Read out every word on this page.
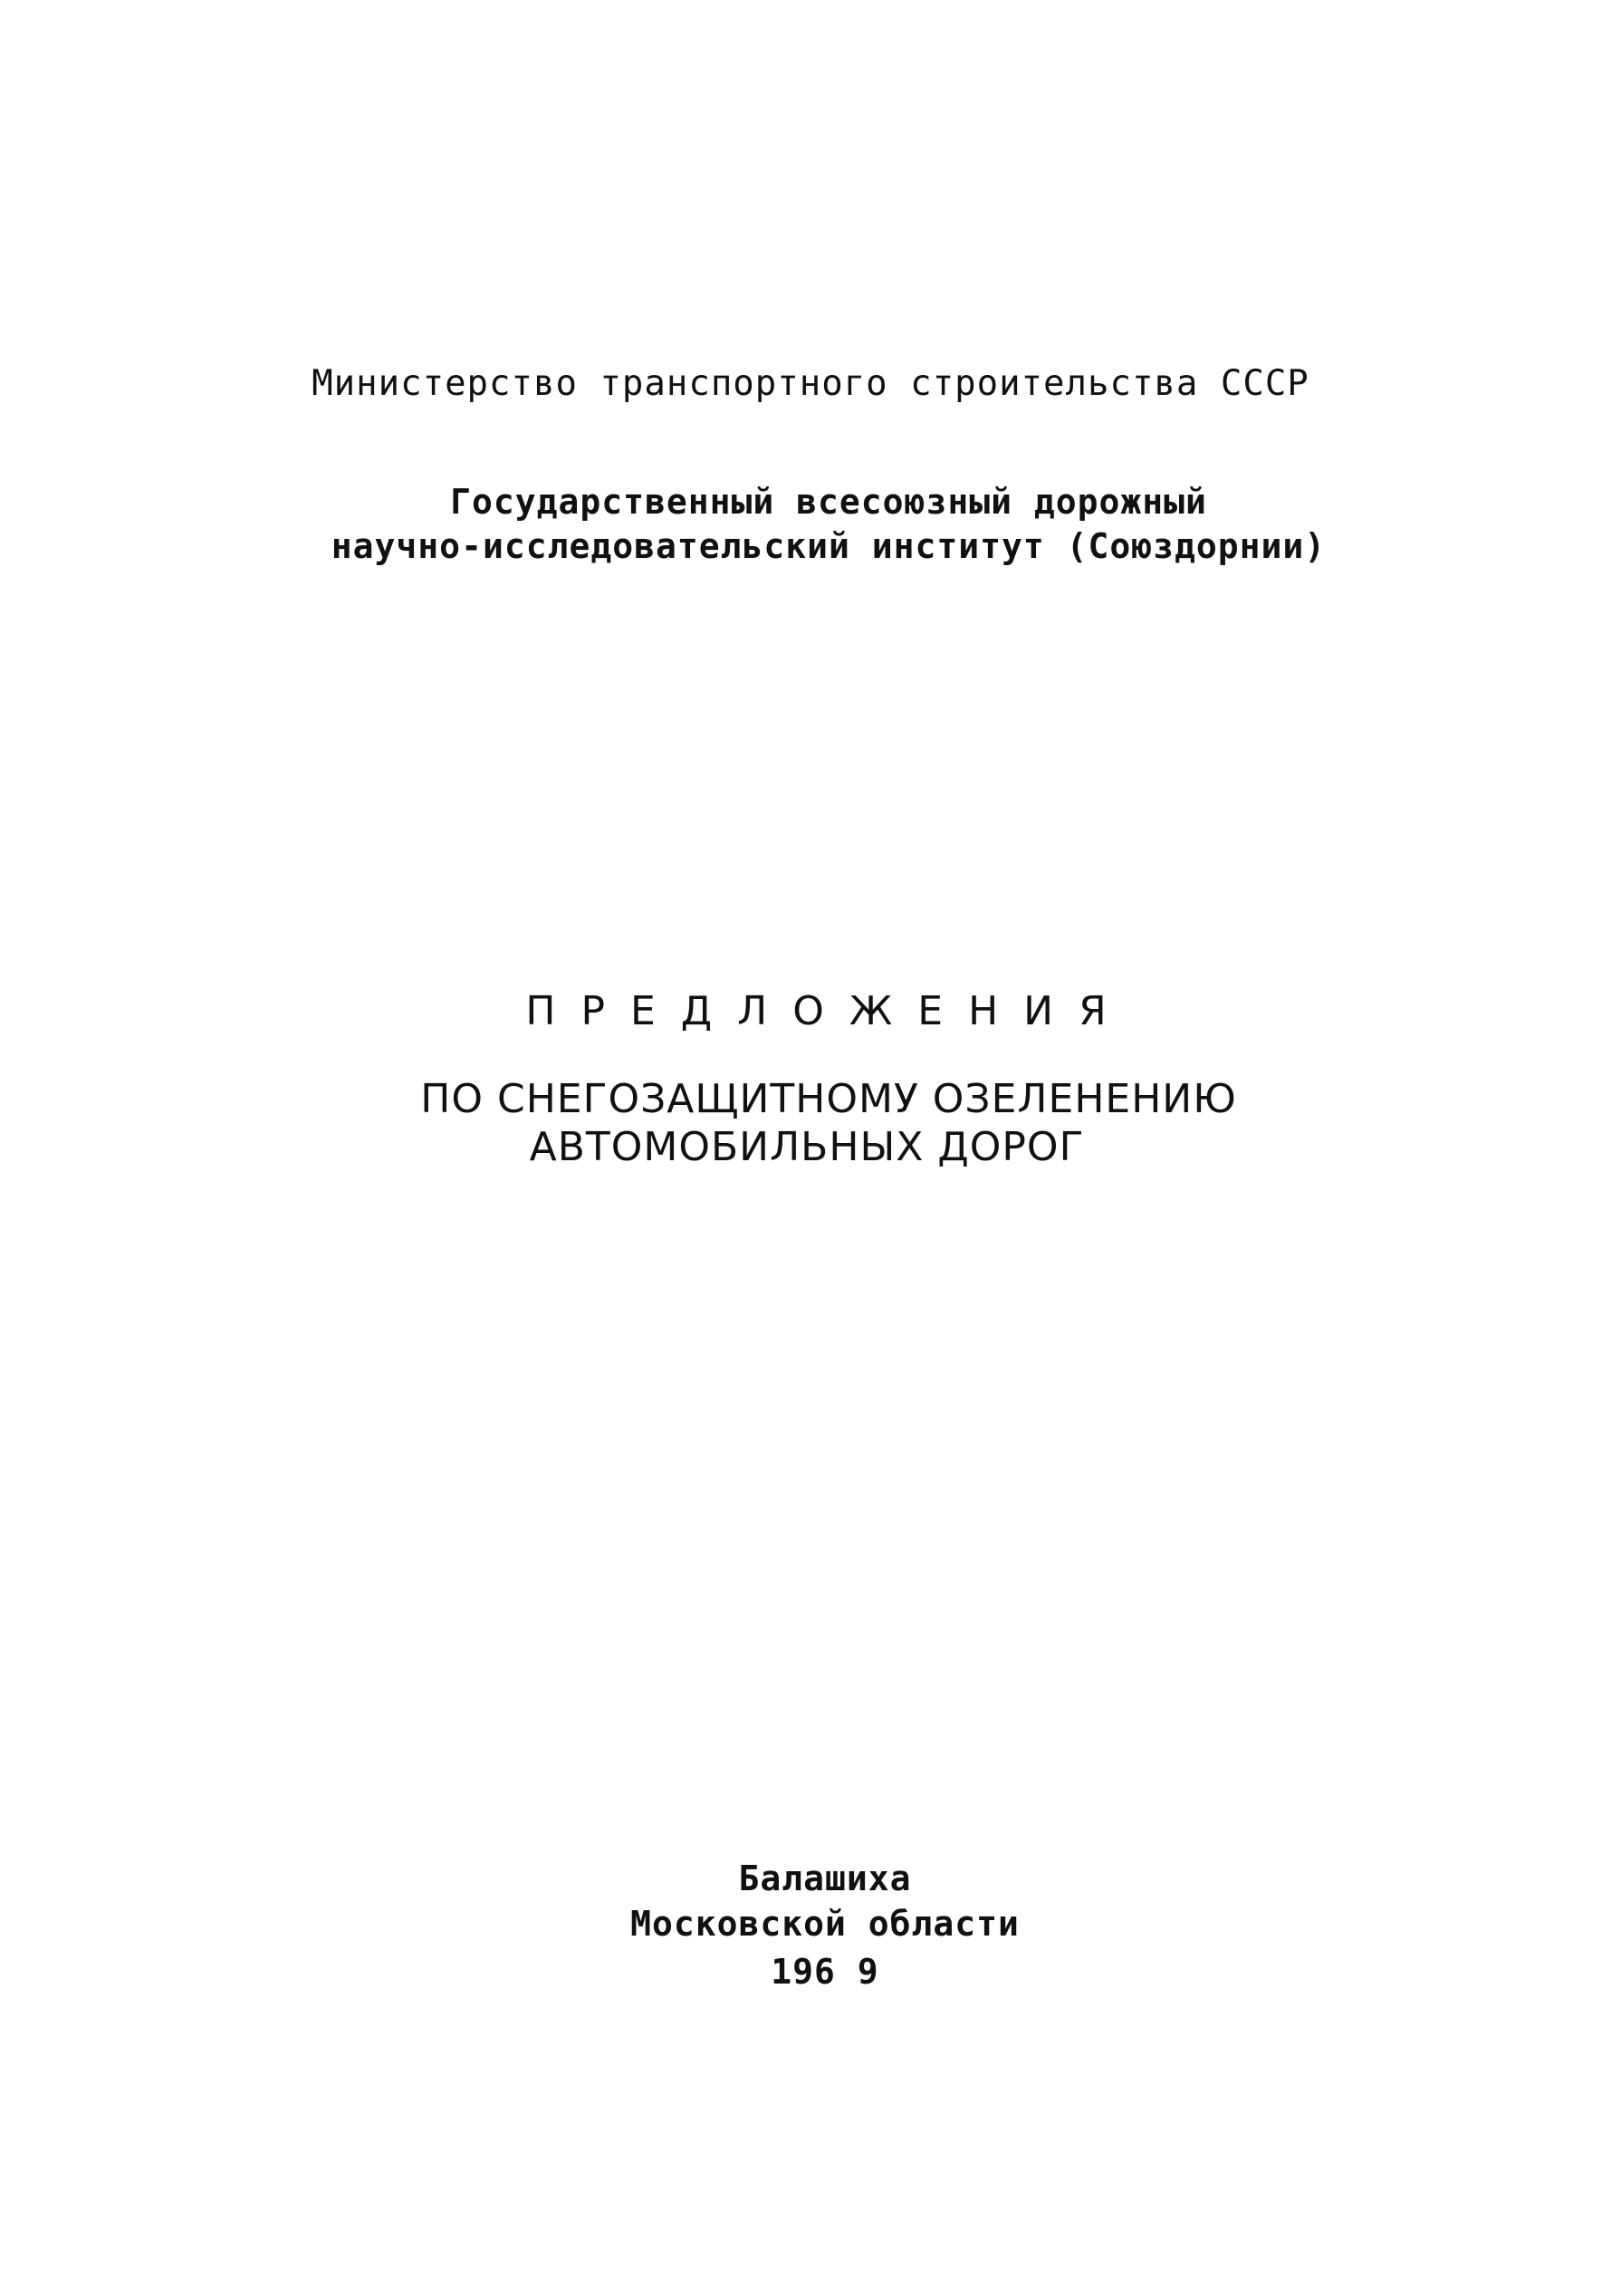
Министерство транспортного строительства СССР
Государственный всесоюзный дорожный
научно-исследовательский институт (Союздорнии)
ПРЕДЛОЖЕНИЯ
ПО СНЕГОЗАЩИТНОМУ ОЗЕЛЕНЕНИЮ
АВТОМОБИЛЬНЫХ ДОРОГ
Балашиха
Московской области
196 9
